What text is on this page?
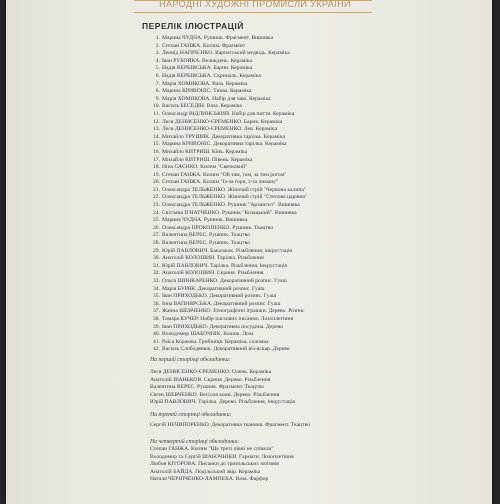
НАРОДНІ ХУДОЖНІ ПРОМИСЛИ УКРАЇНИ
ПЕРЕЛІК ІЛЮСТРАЦІЙ
1. Марина ЧУДНА. Рушник. Фрагмент. Вишивка
2. Степан ГАНЖА. Килим. Фрагмент
3. Леонід НАПРІЄНКО. Карпатський медвідь. Кераміка
4. Іван РУБОЙКА. Великдень. Кераміка
5. Надія ВЕРБІВСЬКА. Барин. Кераміка
6. Надія ВЕРБІВСЬКА. Скрипаль. Кераміка
7. Марія ХОМЯКОВА. Ваза. Кераміка
8. Марина КРИВОНІС. Тиква. Кераміка
9. Марія ХОМЯКОВА. Набір для чаю. Кераміка
10. Василь БЕСЕДІН. Ваза. Кераміка
11. Олександр ВІДЛИНСЬКИЙ. Набір для пиття. Кераміка
12. Леся ДЕНИСЕНКО-ЄРЕМЕНКО. Барик. Кераміка
13. Леся ДЕНИСЕНКО-ЄРЕМЕНКО. Лев. Кераміка
14. Михайло ТРУШИК. Декоративна тарілка. Кераміка
15. Марина КРИВОНІС. Декоративна тарілка. Кераміка
16. Михайло КИТРИШ. Кінь. Кераміка
17. Михайло КИТРИШ. Півень. Кераміка
18. Ніна САЄНКО. Килим "Святковий"
19. Степан ГАНЖА. Килим "Ой там, там, за тим рогом"
20. Степан ГАНЖА. Килим "Із-за гори, з-за лиману"
21. Олександра ТЕЛЬЖЕНКО. Жіночий стрій "Червона калина"
22. Олександра ТЕЛЬЖЕНКО. Жіночий стрій "Степова царівна"
23. Олександра ТЕЛЬЖЕНКО. Рушник "Архангел". Вишивка
24. Світлана ІГНАТЧЕНКО. Рушник "Козацький". Вишивка
25. Марина ЧУДНА. Рушник. Вишивка
26. Олександра ПРОКОПЕНКО. Рушник. Ткацтво
27. Валентина ВЕРЕС. Рушник. Ткацтво
28. Валентина ВЕРЕС. Рушник. Ткацтво
29. Юрій ПАВЛОВИЧ. Бакалжок. Різьблення, інкрустація
30. Анатолій КОЛОШИН. Тарілка. Різьблення
31. Юрій ПАВЛОВИЧ. Тарілка. Різьблення, інкрустація
32. Анатолій КОЛОШИН. Скриня. Різьблення
33. Ольга ШИНКАРЕНКО. Декоративний розпис. Гуаш
34. Марія БУРЯК. Декоративний розпис. Гуаш
35. Іван ПРИХОДЬКО. Декоративний розпис. Гуаш
36. Інна ВАПНЯРСЬКА. Декоративний розпис. Гуаш
37. Жанна ШЕВЧЕНКО. Етнографічні іграшки. Дерево. Розпис
38. Тамара КУЧЕР. Набір пасхових писанок. Лозоплетіння
39. Іван ПРИХОДЬКО. Декоративна посудина. Дерево
40. Володимир ШАБОЧНІК. Кошик. Лоза
41. Раїса Коржова. Грибниця. Кераміка, соломка
42. Василь Слободянюк. Декоративний віз-яскар. Дерево
На першій сторінці обкладинки:
Леся ДЕНИСЕНКО-ЄРЕМЕНКО. Олень. Кераміка
Анатолій ІВАНЬКОВ. Скриня. Дерево. Різьблення
Валентина ВЕРЕС. Рушник. Фрагмент. Ткацтво
Євген ШЕВЧЕНКО. Весілля кони. Дерево. Різьблення
Юрій ПАВЛОВИЧ. Тарілка. Дерево. Різьблення, інкрустація
На третій сторінці обкладинки:
Сергій НЕЧИПОРЕНКО. Декоративна тканина. Фрагмент. Ткацтво
На четвертій сторінці обкладинки:
Степан ГАНЖА. Килим "Ще треті півні не співали"
Володимир та Сергій ШАБОЧНІКИ. Гармати. Лозоплетіння
Любов КІТОРОВА. Писанки до трипільських мотивів
Анатолій БАЙДА. Подільський звір. Кераміка
Наталя ЧЕРНІЧЕНКО-ЛАМПЕКА. Ваза. Фарфор
